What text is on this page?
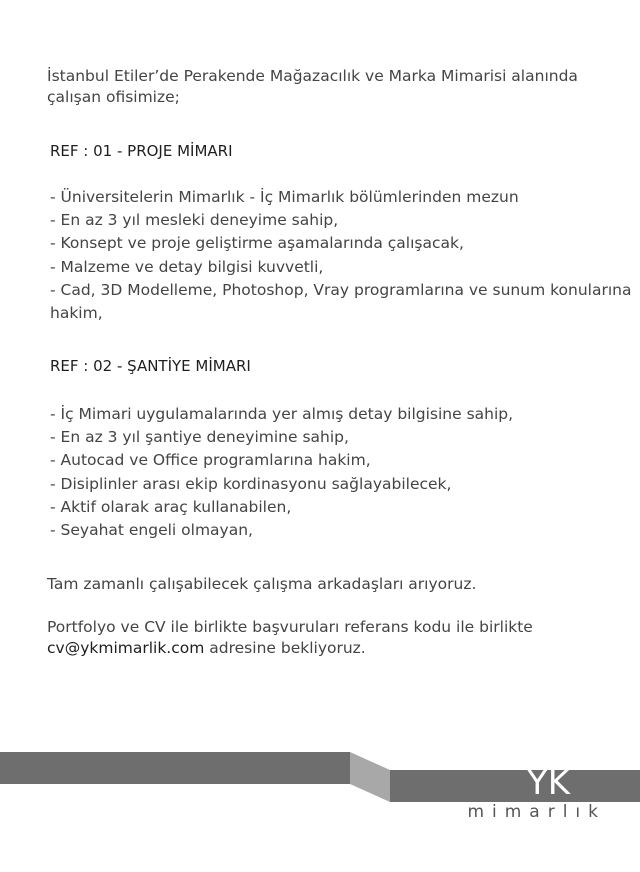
İstanbul Etiler’de Perakende Mağazacılık ve Marka Mimarisi alanında çalışan ofisimize;
REF : 01 - PROJE MİMARI
- Üniversitelerin Mimarlık - İç Mimarlık bölümlerinden mezun
- En az 3 yıl mesleki deneyime sahip,
- Konsept ve proje geliştirme aşamalarında çalışacak,
- Malzeme ve detay bilgisi kuvvetli,
- Cad, 3D Modelleme, Photoshop, Vray programlarına ve sunum konularına hakim,
REF : 02 - ŞANTİYE MİMARI
- İç Mimari uygulamalarında yer almış detay bilgisine sahip,
- En az 3 yıl şantiye deneyimine sahip,
- Autocad ve Office programlarına hakim,
- Disiplinler arası ekip kordinasyonu sağlayabilecek,
- Aktif olarak araç kullanabilen,
- Seyahat engeli olmayan,
Tam zamanlı çalışabilecek çalışma arkadaşları arıyoruz.
Portfolyo ve CV ile birlikte başvuruları referans kodu ile birlikte
cv@ykmimarlik.com adresine bekliyoruz.
YK
mimarlık
